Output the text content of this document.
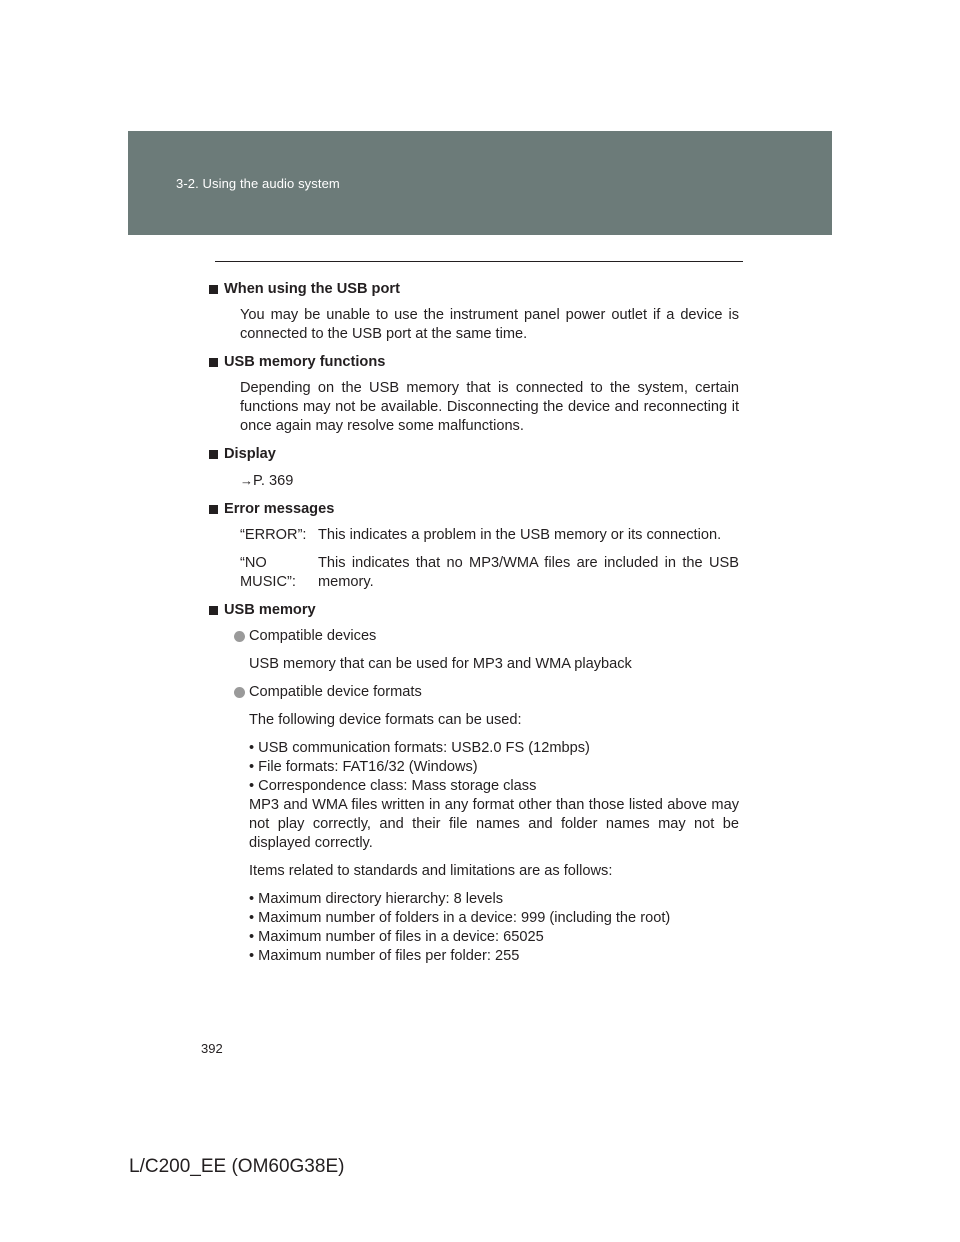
3-2. Using the audio system
When using the USB port
You may be unable to use the instrument panel power outlet if a device is connected to the USB port at the same time.
USB memory functions
Depending on the USB memory that is connected to the system, certain functions may not be available. Disconnecting the device and reconnecting it once again may resolve some malfunctions.
Display
→P. 369
Error messages
“ERROR”: This indicates a problem in the USB memory or its connection.
“NO MUSIC”:
This indicates that no MP3/WMA files are included in the USB memory.
USB memory
Compatible devices
USB memory that can be used for MP3 and WMA playback
Compatible device formats
The following device formats can be used:
• USB communication formats: USB2.0 FS (12mbps)
• File formats: FAT16/32 (Windows)
• Correspondence class: Mass storage class
MP3 and WMA files written in any format other than those listed above may not play correctly, and their file names and folder names may not be displayed correctly.
Items related to standards and limitations are as follows:
• Maximum directory hierarchy: 8 levels
• Maximum number of folders in a device: 999 (including the root)
• Maximum number of files in a device: 65025
• Maximum number of files per folder: 255
392
L/C200_EE (OM60G38E)
